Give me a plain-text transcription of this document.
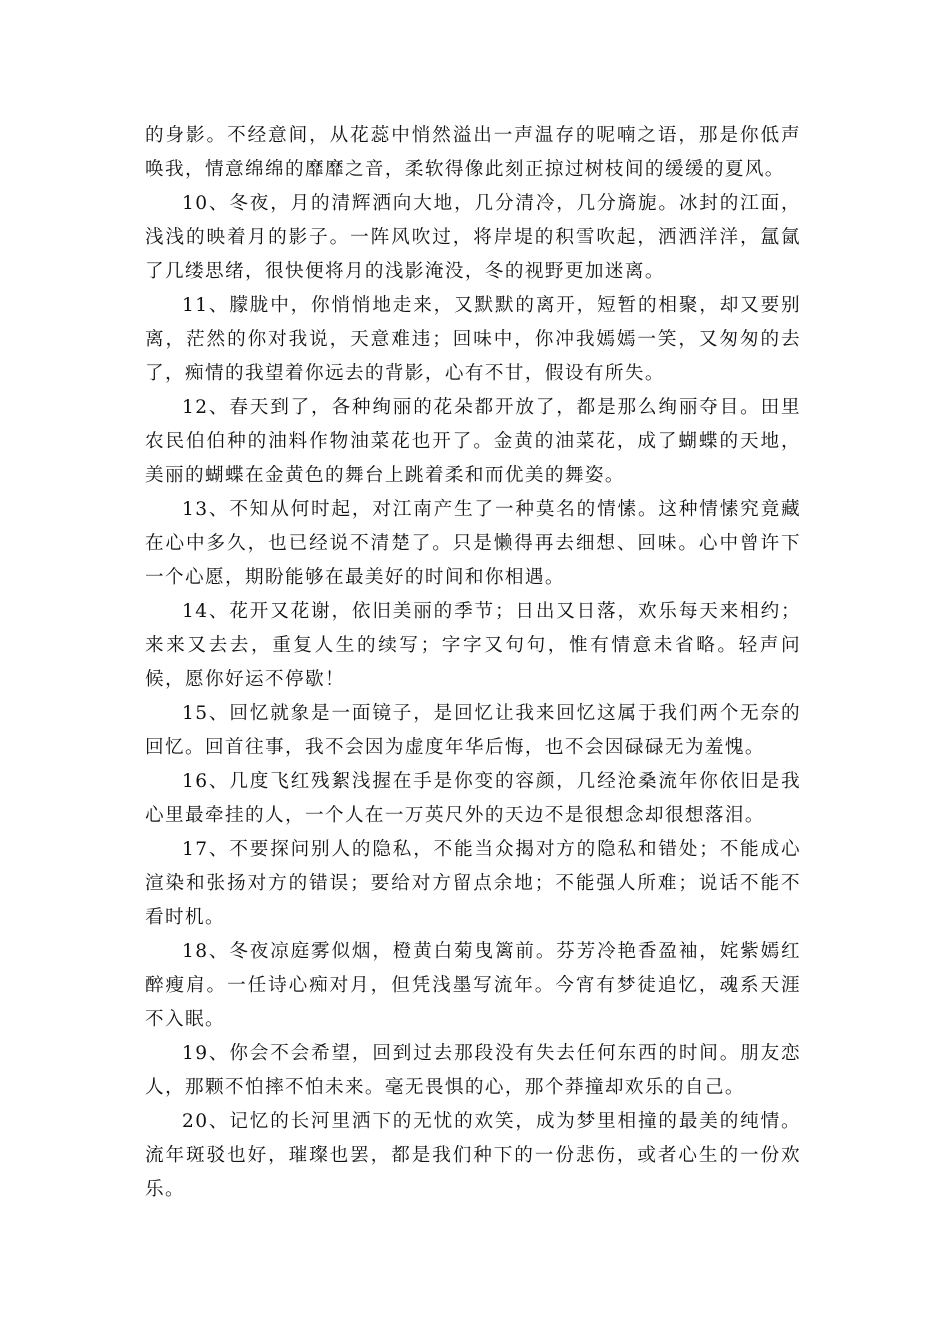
的身影。不经意间，从花蕊中悄然溢出一声温存的呢喃之语，那是你低声唤我，情意绵绵的靡靡之音，柔软得像此刻正掠过树枝间的缓缓的夏风。

10、冬夜，月的清辉洒向大地，几分清冷，几分旖旎。冰封的江面，浅浅的映着月的影子。一阵风吹过，将岸堤的积雪吹起，洒洒洋洋，氲氤了几缕思绪，很快便将月的浅影淹没，冬的视野更加迷离。

11、朦胧中，你悄悄地走来，又默默的离开，短暂的相聚，却又要别离，茫然的你对我说，天意难违；回味中，你冲我嫣嫣一笑，又匆匆的去了，痴情的我望着你远去的背影，心有不甘，假设有所失。

12、春天到了，各种绚丽的花朵都开放了，都是那么绚丽夺目。田里农民伯伯种的油料作物油菜花也开了。金黄的油菜花，成了蝴蝶的天地，美丽的蝴蝶在金黄色的舞台上跳着柔和而优美的舞姿。

13、不知从何时起，对江南产生了一种莫名的情愫。这种情愫究竟藏在心中多久，也已经说不清楚了。只是懒得再去细想、回味。心中曾许下一个心愿，期盼能够在最美好的时间和你相遇。

14、花开又花谢，依旧美丽的季节；日出又日落，欢乐每天来相约；来来又去去，重复人生的续写；字字又句句，惟有情意未省略。轻声问候，愿你好运不停歇！

15、回忆就象是一面镜子，是回忆让我来回忆这属于我们两个无奈的回忆。回首往事，我不会因为虚度年华后悔，也不会因碌碌无为羞愧。

16、几度飞红残絮浅握在手是你变的容颜，几经沧桑流年你依旧是我心里最牵挂的人，一个人在一万英尺外的天边不是很想念却很想落泪。

17、不要探问别人的隐私，不能当众揭对方的隐私和错处；不能成心渲染和张扬对方的错误；要给对方留点余地；不能强人所难；说话不能不看时机。

18、冬夜凉庭雾似烟，橙黄白菊曳篱前。芬芳冷艳香盈袖，姹紫嫣红醉瘦肩。一任诗心痴对月，但凭浅墨写流年。今宵有梦徒追忆，魂系天涯不入眠。

19、你会不会希望，回到过去那段没有失去任何东西的时间。朋友恋人，那颗不怕摔不怕未来。毫无畏惧的心，那个莽撞却欢乐的自己。

20、记忆的长河里洒下的无忧的欢笑，成为梦里相撞的最美的纯情。流年斑驳也好，璀璨也罢，都是我们种下的一份悲伤，或者心生的一份欢乐。
